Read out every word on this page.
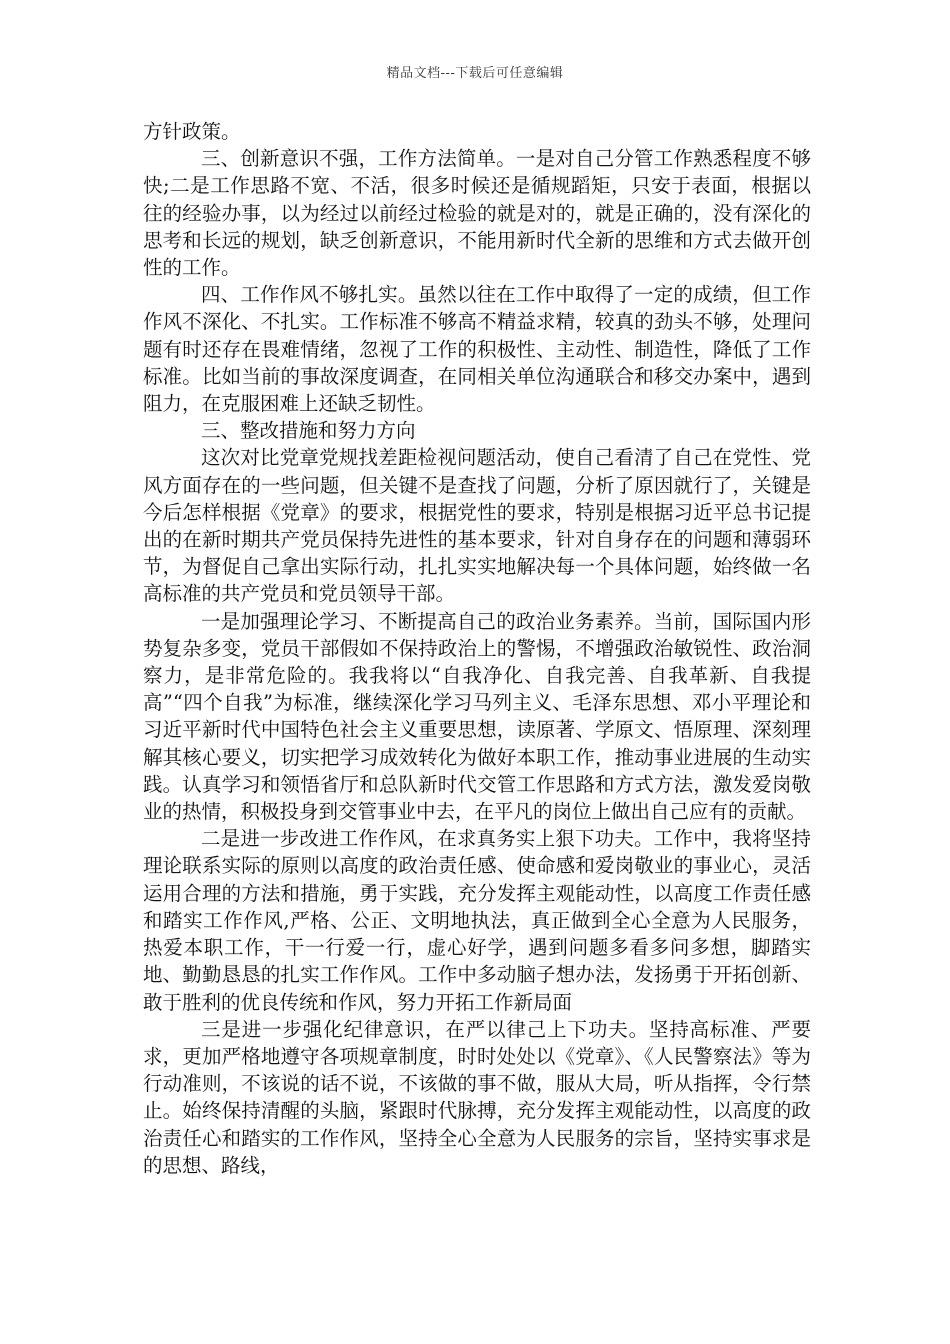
精品文档---下载后可任意编辑

方针政策。

三、创新意识不强，工作方法简单。一是对自己分管工作熟悉程度不够快;二是工作思路不宽、不活，很多时候还是循规蹈矩，只安于表面，根据以往的经验办事，以为经过以前经过检验的就是对的，就是正确的，没有深化的思考和长远的规划，缺乏创新意识，不能用新时代全新的思维和方式去做开创性的工作。

四、工作作风不够扎实。虽然以往在工作中取得了一定的成绩，但工作作风不深化、不扎实。工作标准不够高不精益求精，较真的劲头不够，处理问题有时还存在畏难情绪，忽视了工作的积极性、主动性、制造性，降低了工作标准。比如当前的事故深度调查，在同相关单位沟通联合和移交办案中，遇到阻力，在克服困难上还缺乏韧性。

三、整改措施和努力方向

这次对比党章党规找差距检视问题活动，使自己看清了自己在党性、党风方面存在的一些问题，但关键不是查找了问题，分析了原因就行了，关键是今后怎样根据《党章》的要求，根据党性的要求，特别是根据习近平总书记提出的在新时期共产党员保持先进性的基本要求，针对自身存在的问题和薄弱环节，为督促自己拿出实际行动，扎扎实实地解决每一个具体问题，始终做一名高标准的共产党员和党员领导干部。

一是加强理论学习、不断提高自己的政治业务素养。当前，国际国内形势复杂多变，党员干部假如不保持政治上的警惕，不增强政治敏锐性、政治洞察力，是非常危险的。我我将以“自我净化、自我完善、自我革新、自我提高”“四个自我”为标准，继续深化学习马列主义、毛泽东思想、邓小平理论和习近平新时代中国特色社会主义重要思想，读原著、学原文、悟原理、深刻理解其核心要义，切实把学习成效转化为做好本职工作，推动事业进展的生动实践。认真学习和领悟省厅和总队新时代交管工作思路和方式方法，激发爱岗敬业的热情，积极投身到交管事业中去，在平凡的岗位上做出自己应有的贡献。

二是进一步改进工作作风，在求真务实上狠下功夫。工作中，我将坚持理论联系实际的原则以高度的政治责任感、使命感和爱岗敬业的事业心，灵活运用合理的方法和措施，勇于实践，充分发挥主观能动性，以高度工作责任感和踏实工作作风,严格、公正、文明地执法，真正做到全心全意为人民服务，热爱本职工作，干一行爱一行，虚心好学，遇到问题多看多问多想，脚踏实地、勤勤恳恳的扎实工作作风。工作中多动脑子想办法，发扬勇于开拓创新、敢于胜利的优良传统和作风，努力开拓工作新局面

三是进一步强化纪律意识，在严以律己上下功夫。坚持高标准、严要求，更加严格地遵守各项规章制度，时时处处以《党章》、《人民警察法》等为行动准则，不该说的话不说，不该做的事不做，服从大局，听从指挥，令行禁止。始终保持清醒的头脑，紧跟时代脉搏，充分发挥主观能动性，以高度的政治责任心和踏实的工作作风，坚持全心全意为人民服务的宗旨，坚持实事求是的思想、路线，
